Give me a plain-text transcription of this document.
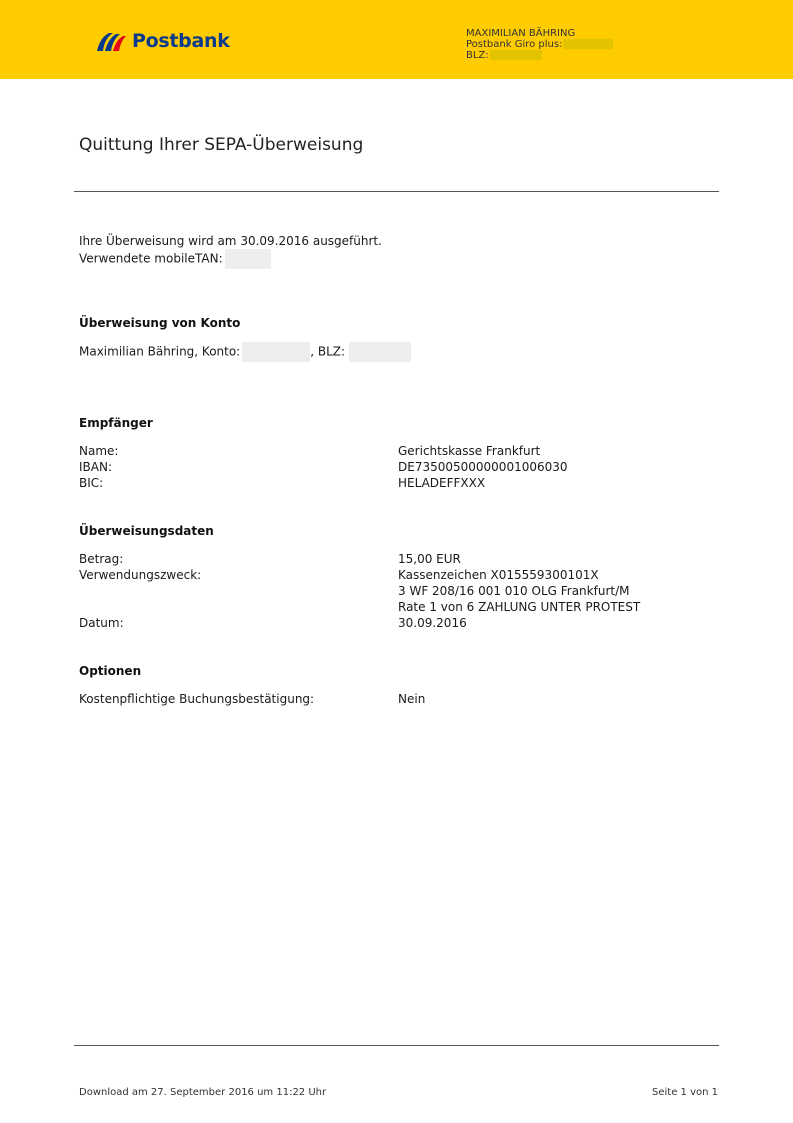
Postbank	MAXIMILIAN BÄHRING
Postbank Giro plus:
BLZ:
Quittung Ihrer SEPA-Überweisung
Ihre Überweisung wird am 30.09.2016 ausgeführt.
Verwendete mobileTAN:
Überweisung von Konto
Maximilian Bähring, Konto:	, BLZ:
Empfänger
Name:	Gerichtskasse Frankfurt
IBAN:	DE73500500000001006030
BIC:	HELADEFFXXX
Überweisungsdaten
Betrag:	15,00 EUR
Verwendungszweck:	Kassenzeichen X015559300101X
3 WF 208/16 001 010 OLG Frankfurt/M
Rate 1 von 6 ZAHLUNG UNTER PROTEST
Datum:	30.09.2016
Optionen
Kostenpflichtige Buchungsbestätigung:	Nein
Download am 27. September 2016 um 11:22 Uhr	Seite 1 von 1
